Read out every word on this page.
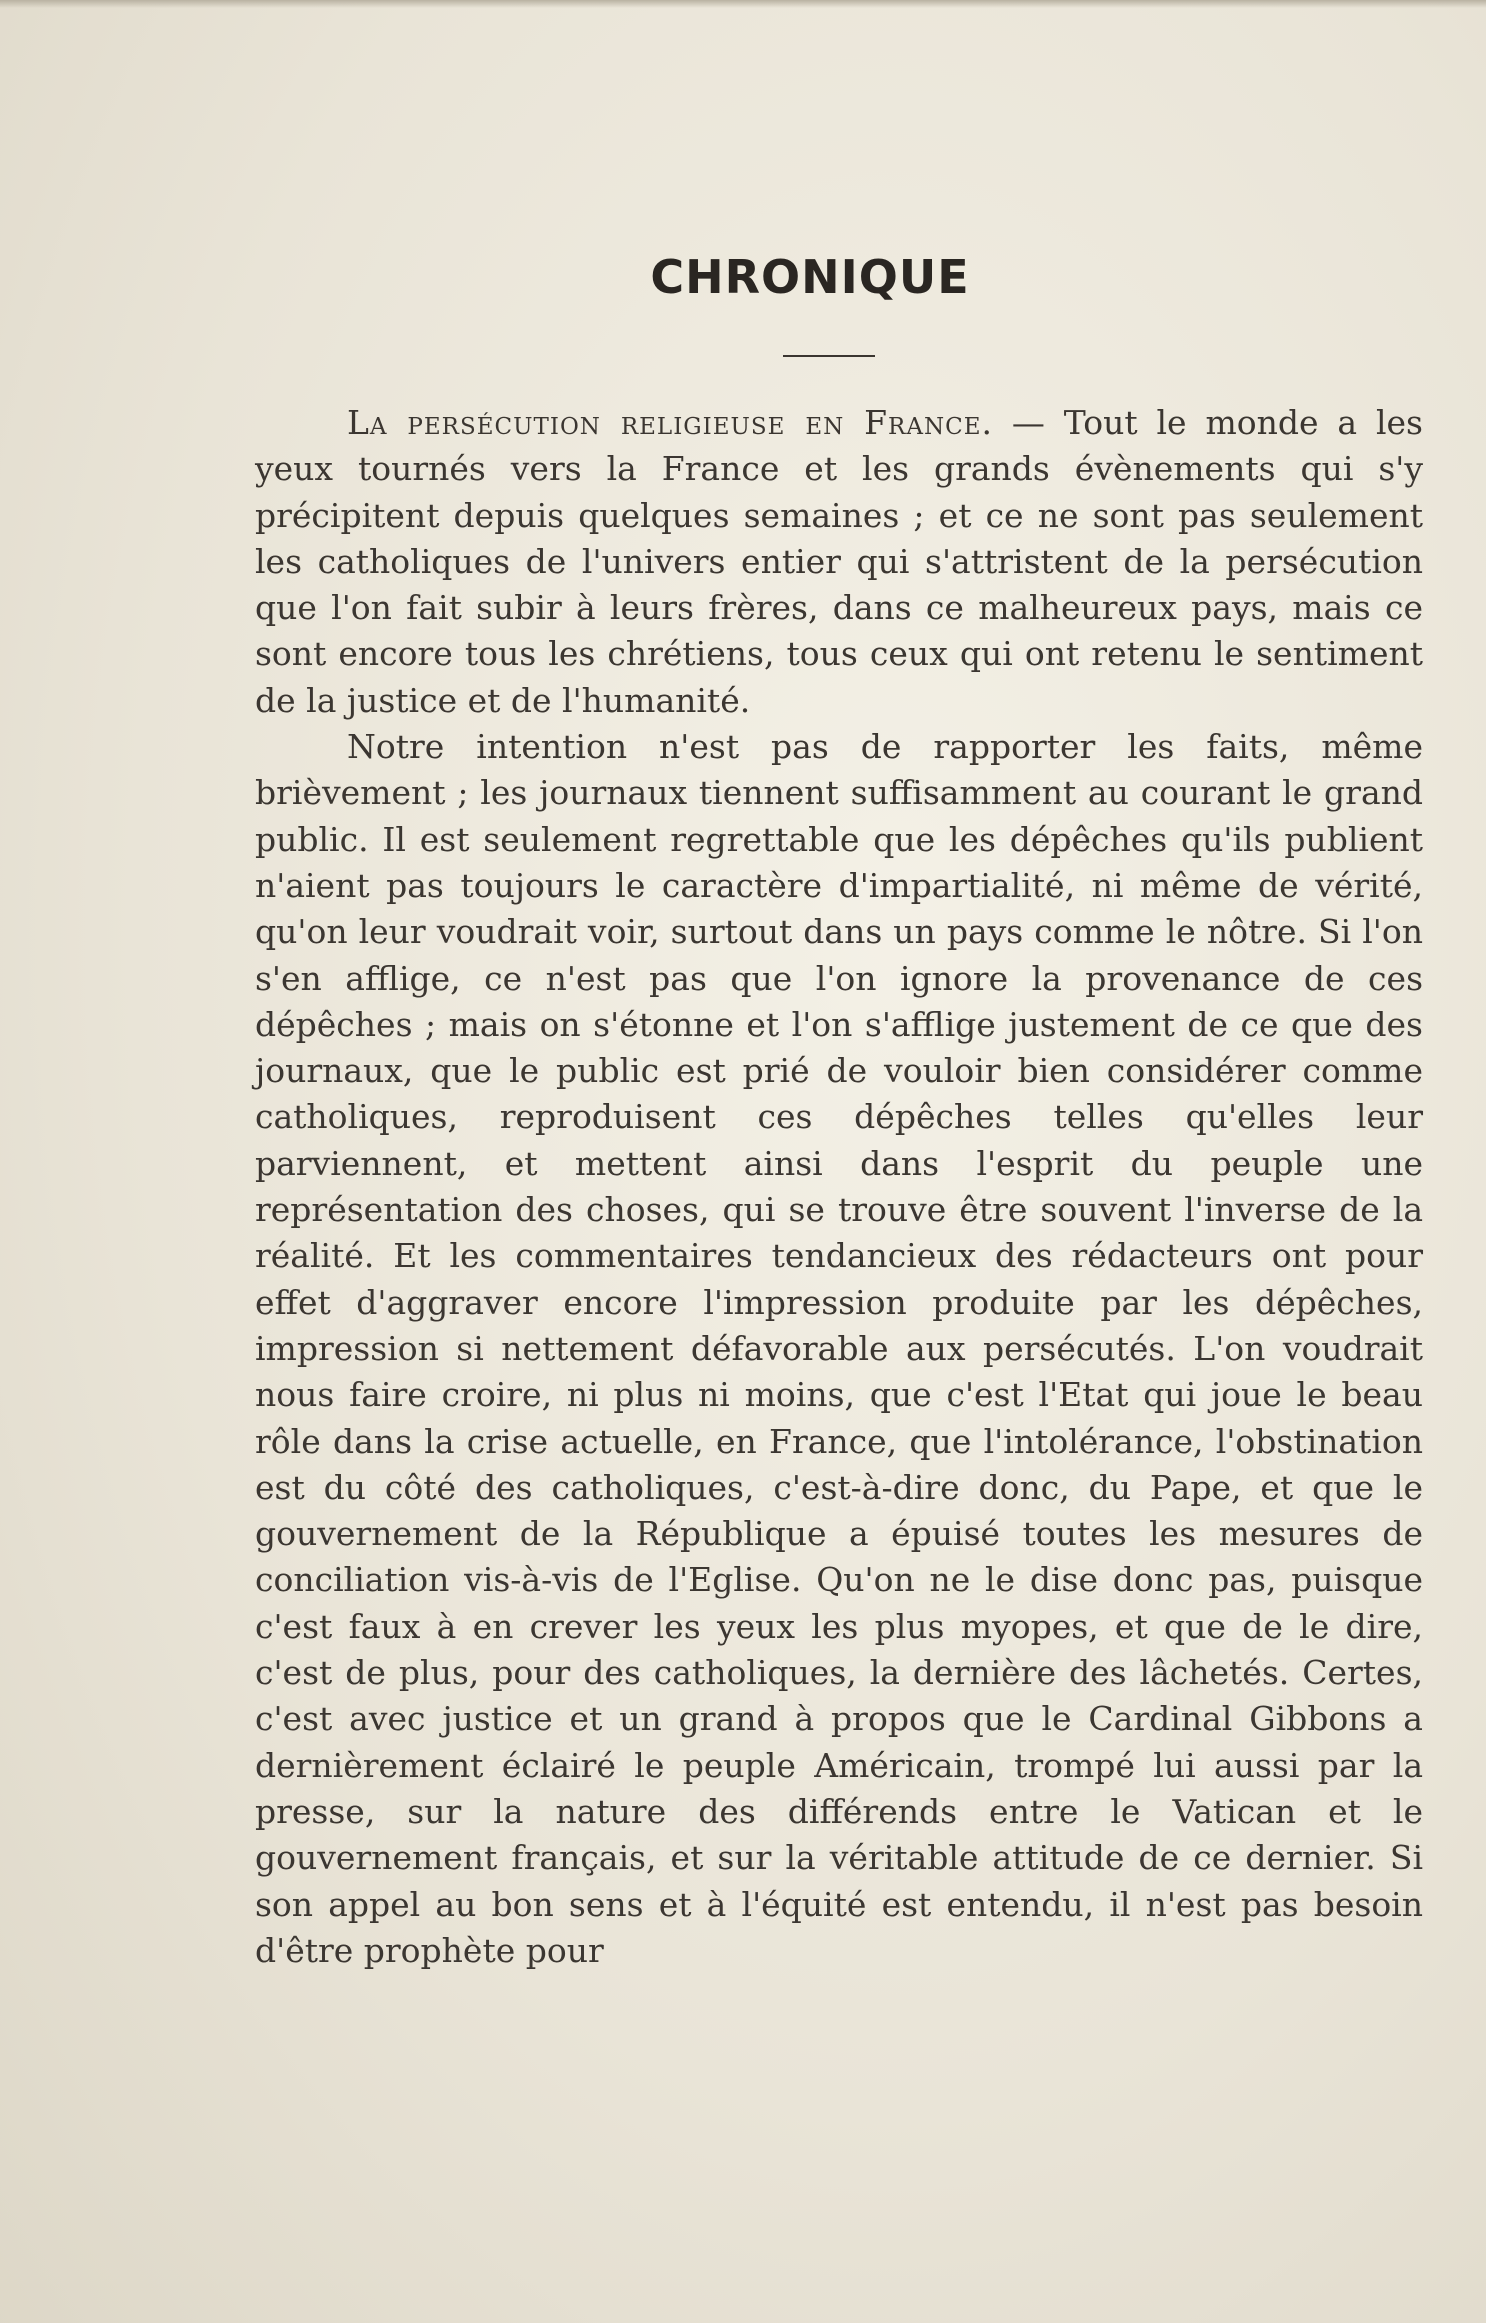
CHRONIQUE

La persécution religieuse en France. — Tout le monde a les yeux tournés vers la France et les grands évènements qui s'y précipitent depuis quelques semaines ; et ce ne sont pas seulement les catholiques de l'univers entier qui s'attristent de la persécution que l'on fait subir à leurs frères, dans ce malheureux pays, mais ce sont encore tous les chrétiens, tous ceux qui ont retenu le sentiment de la justice et de l'humanité.

Notre intention n'est pas de rapporter les faits, même brièvement ; les journaux tiennent suffisamment au courant le grand public. Il est seulement regrettable que les dépêches qu'ils publient n'aient pas toujours le caractère d'impartialité, ni même de vérité, qu'on leur voudrait voir, surtout dans un pays comme le nôtre. Si l'on s'en afflige, ce n'est pas que l'on ignore la provenance de ces dépêches ; mais on s'étonne et l'on s'afflige justement de ce que des journaux, que le public est prié de vouloir bien considérer comme catholiques, reproduisent ces dépêches telles qu'elles leur parviennent, et mettent ainsi dans l'esprit du peuple une représentation des choses, qui se trouve être souvent l'inverse de la réalité. Et les commentaires tendancieux des rédacteurs ont pour effet d'aggraver encore l'impression produite par les dépêches, impression si nettement défavorable aux persécutés. L'on voudrait nous faire croire, ni plus ni moins, que c'est l'Etat qui joue le beau rôle dans la crise actuelle, en France, que l'intolérance, l'obstination est du côté des catholiques, c'est-à-dire donc, du Pape, et que le gouvernement de la République a épuisé toutes les mesures de conciliation vis-à-vis de l'Eglise. Qu'on ne le dise donc pas, puisque c'est faux à en crever les yeux les plus myopes, et que de le dire, c'est de plus, pour des catholiques, la dernière des lâchetés. Certes, c'est avec justice et un grand à propos que le Cardinal Gibbons a dernièrement éclairé le peuple Américain, trompé lui aussi par la presse, sur la nature des différends entre le Vatican et le gouvernement français, et sur la véritable attitude de ce dernier. Si son appel au bon sens et à l'équité est entendu, il n'est pas besoin d'être prophète pour
